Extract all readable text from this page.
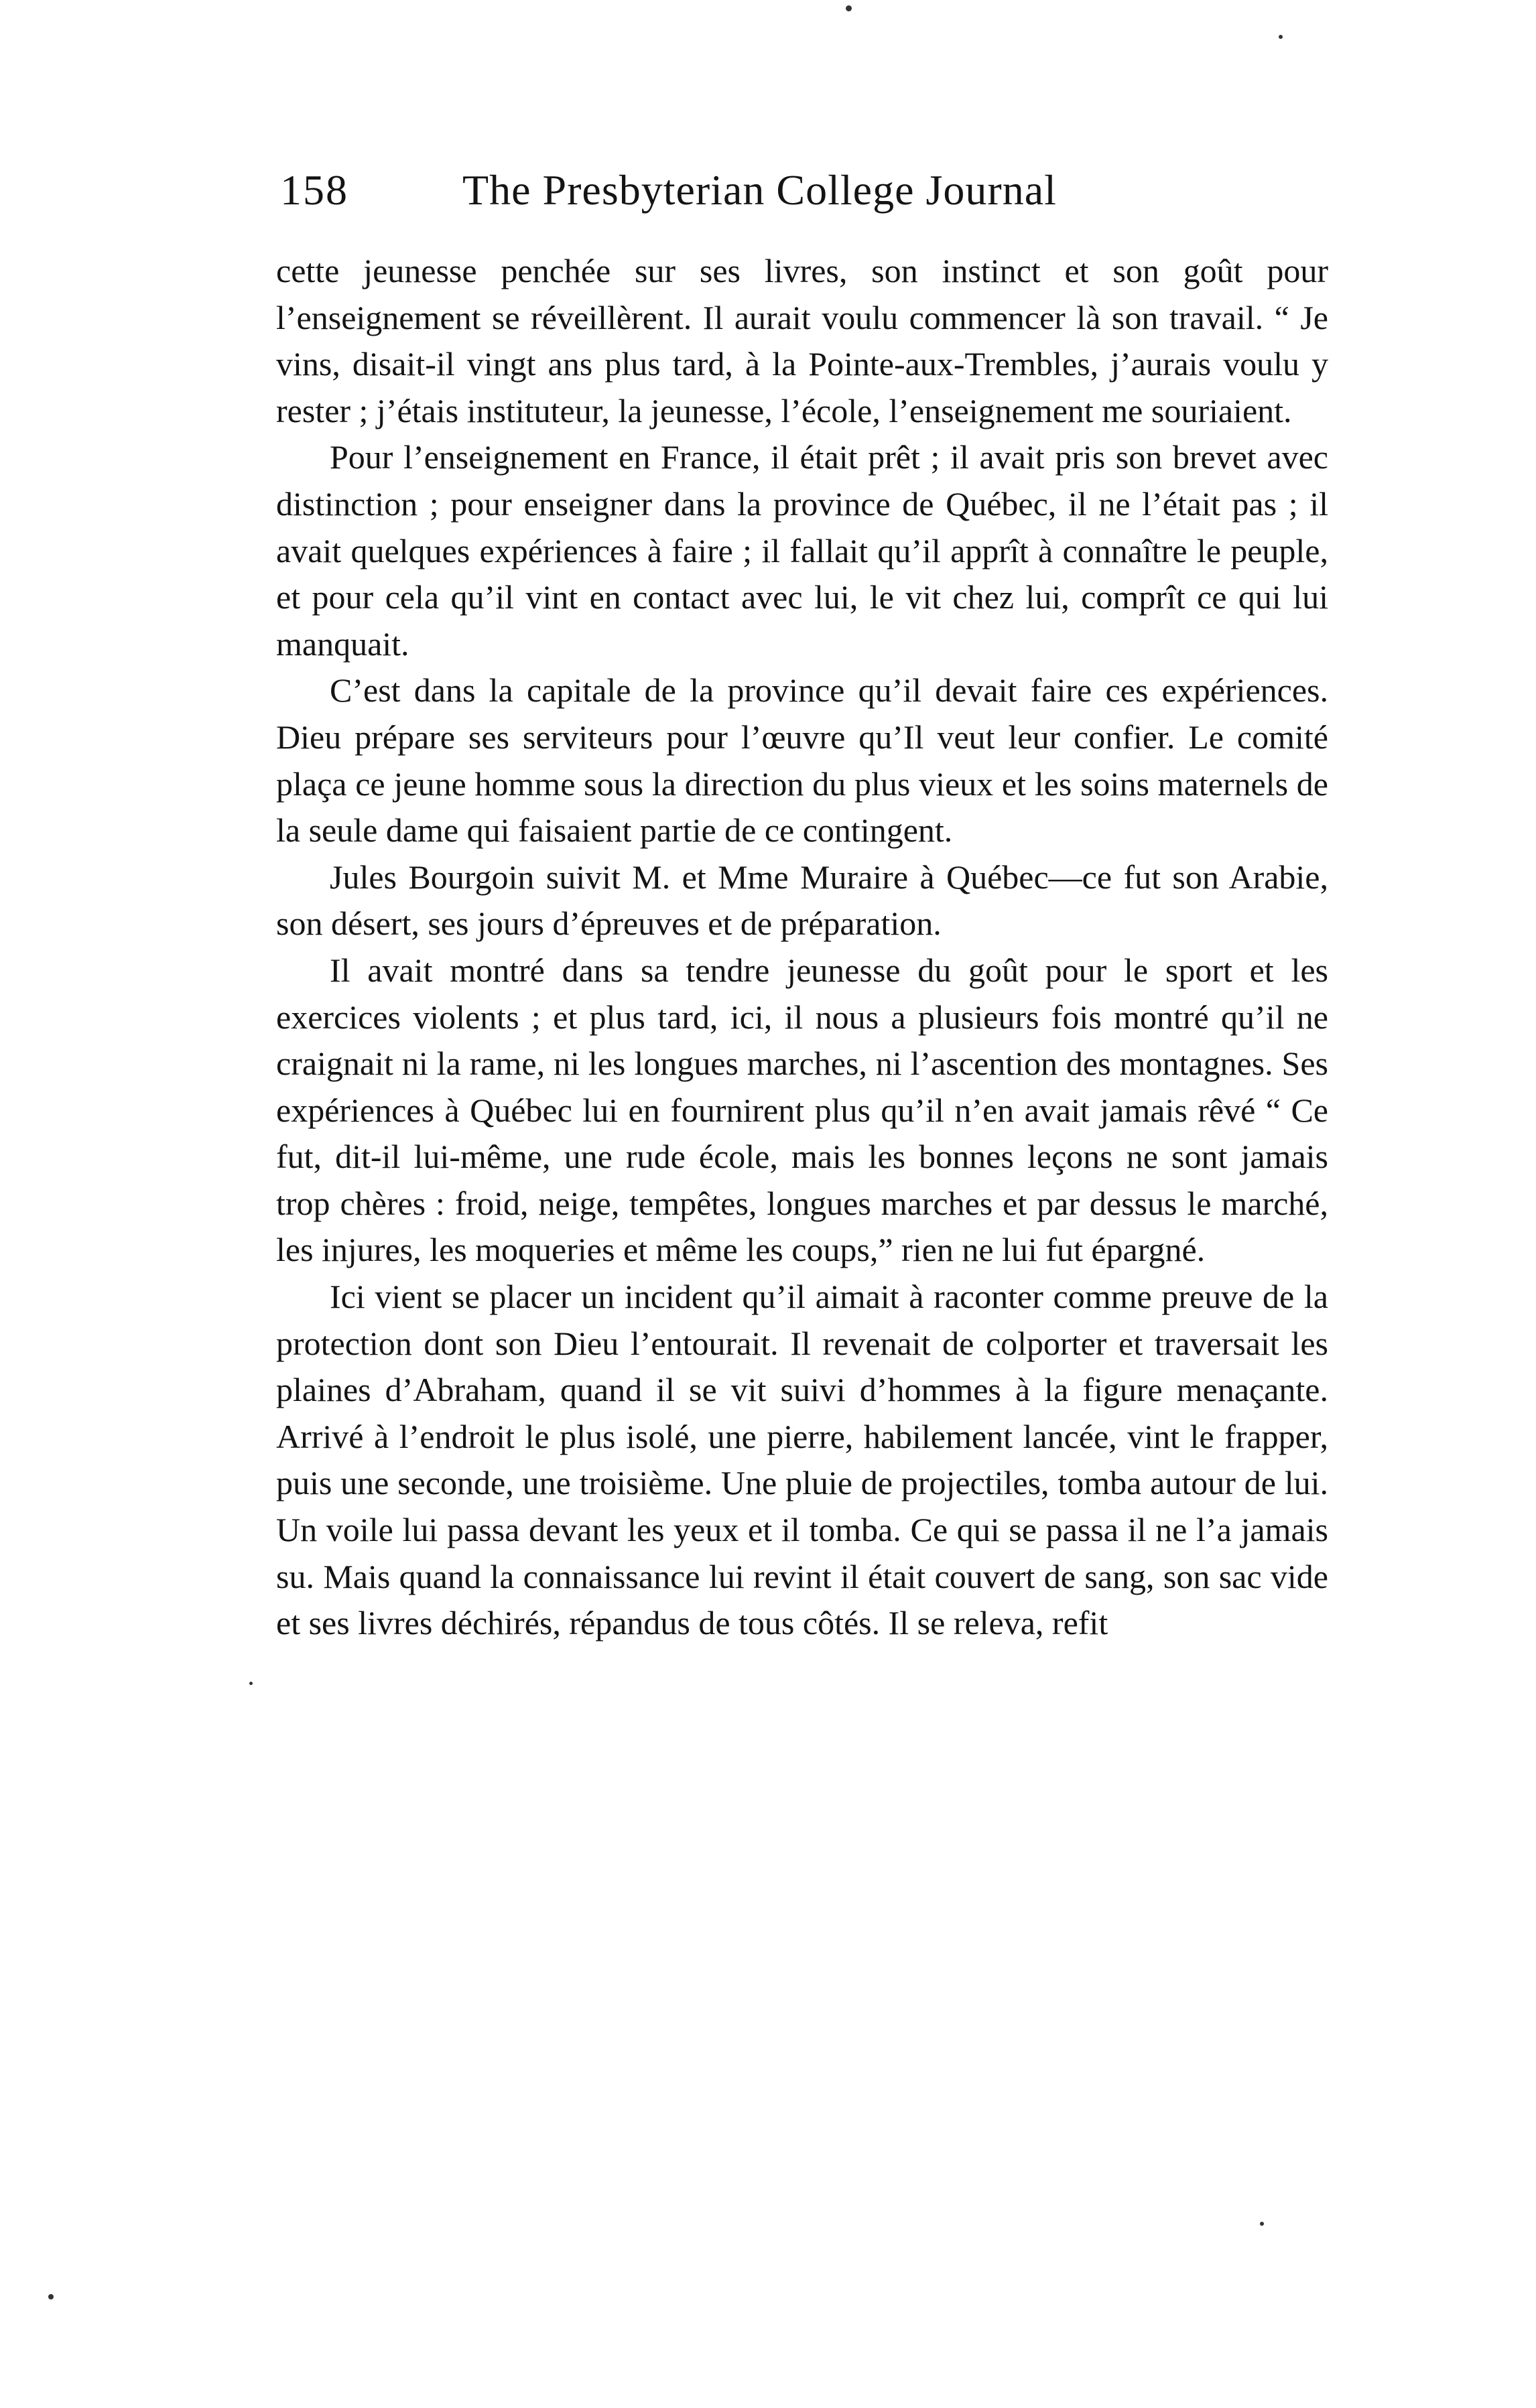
158	The Presbyterian College Journal

cette jeunesse penchée sur ses livres, son instinct et son goût pour l’enseignement se réveillèrent. Il aurait voulu commencer là son travail. “ Je vins, disait-il vingt ans plus tard, à la Pointe-aux-Trembles, j’aurais voulu y rester ; j’étais instituteur, la jeunesse, l’école, l’enseignement me souriaient.

Pour l’enseignement en France, il était prêt ; il avait pris son brevet avec distinction ; pour enseigner dans la province de Québec, il ne l’était pas ; il avait quelques expériences à faire ; il fallait qu’il apprît à connaître le peuple, et pour cela qu’il vint en contact avec lui, le vit chez lui, comprît ce qui lui manquait.

C’est dans la capitale de la province qu’il devait faire ces expériences. Dieu prépare ses serviteurs pour l’œuvre qu’Il veut leur confier. Le comité plaça ce jeune homme sous la direction du plus vieux et les soins maternels de la seule dame qui faisaient partie de ce contingent.

Jules Bourgoin suivit M. et Mme Muraire à Québec—ce fut son Arabie, son désert, ses jours d’épreuves et de préparation.

Il avait montré dans sa tendre jeunesse du goût pour le sport et les exercices violents ; et plus tard, ici, il nous a plusieurs fois montré qu’il ne craignait ni la rame, ni les longues marches, ni l’ascention des montagnes. Ses expériences à Québec lui en fournirent plus qu’il n’en avait jamais rêvé “ Ce fut, dit-il lui-même, une rude école, mais les bonnes leçons ne sont jamais trop chères : froid, neige, tempêtes, longues marches et par dessus le marché, les injures, les moqueries et même les coups,” rien ne lui fut épargné.

Ici vient se placer un incident qu’il aimait à raconter comme preuve de la protection dont son Dieu l’entourait. Il revenait de colporter et traversait les plaines d’Abraham, quand il se vit suivi d’hommes à la figure menaçante. Arrivé à l’endroit le plus isolé, une pierre, habilement lancée, vint le frapper, puis une seconde, une troisième. Une pluie de projectiles, tomba autour de lui. Un voile lui passa devant les yeux et il tomba. Ce qui se passa il ne l’a jamais su. Mais quand la connaissance lui revint il était couvert de sang, son sac vide et ses livres déchirés, répandus de tous côtés. Il se releva, refit
